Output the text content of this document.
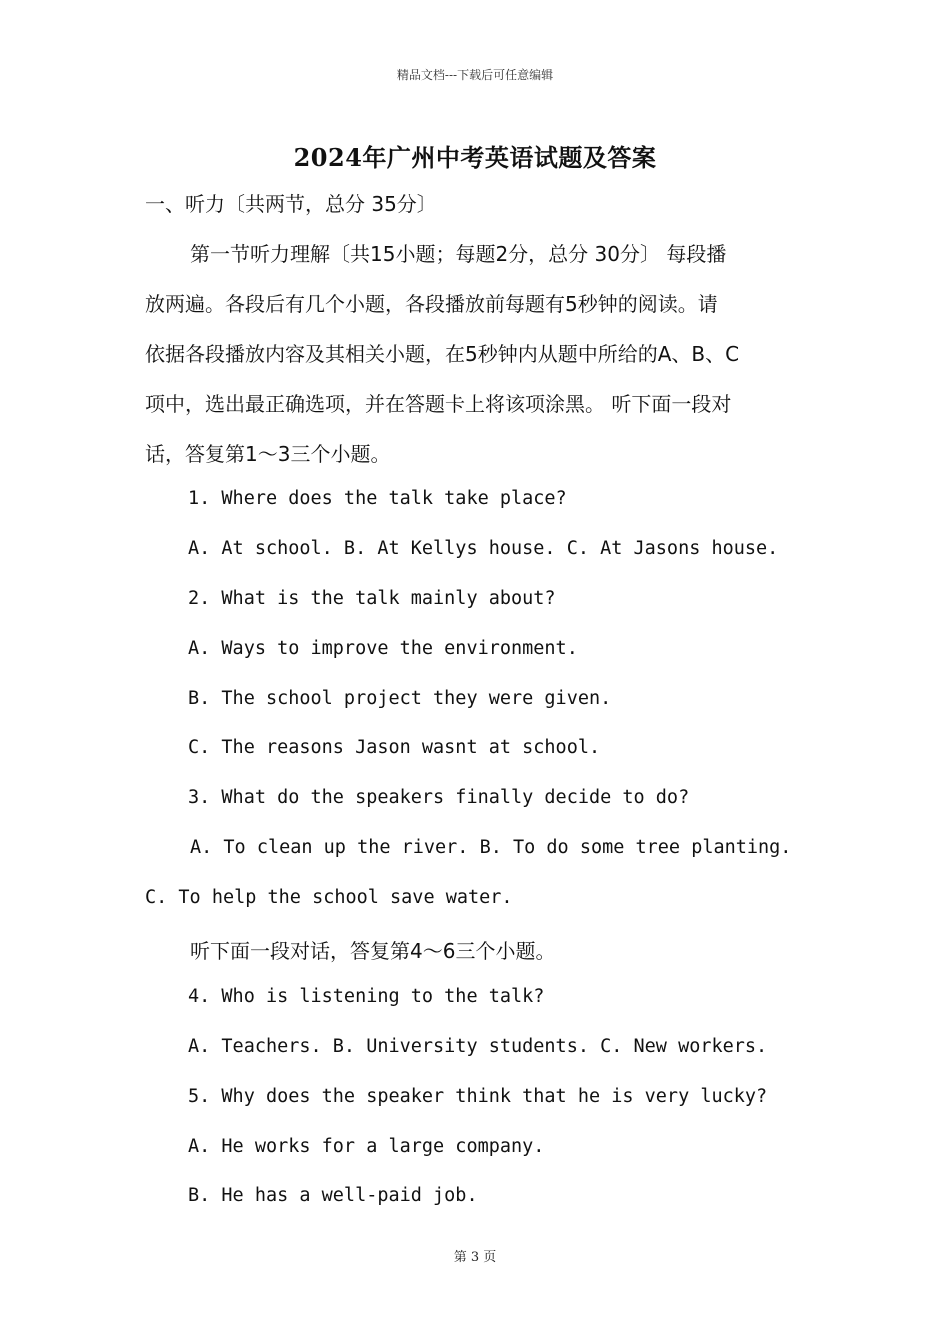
精品文档---下载后可任意编辑
2024年广州中考英语试题及答案
一、听力〔共两节，总分 35分〕
第一节听力理解〔共15小题；每题2分，总分 30分〕 每段播
放两遍。各段后有几个小题，各段播放前每题有5秒钟的阅读。请
依据各段播放内容及其相关小题，在5秒钟内从题中所给的A、B、C
项中，选出最正确选项，并在答题卡上将该项涂黑。 听下面一段对
话，答复第1～3三个小题。
1. Where does the talk take place?
A. At school. B. At Kellys house. C. At Jasons house.
2. What is the talk mainly about?
A. Ways to improve the environment.
B. The school project they were given.
C. The reasons Jason wasnt at school.
3. What do the speakers finally decide to do?
A. To clean up the river. B. To do some tree planting.
C. To help the school save water.
听下面一段对话，答复第4～6三个小题。
4. Who is listening to the talk?
A. Teachers. B. University students. C. New workers.
5. Why does the speaker think that he is very lucky?
A. He works for a large company.
B. He has a well-paid job.
第 3 页
